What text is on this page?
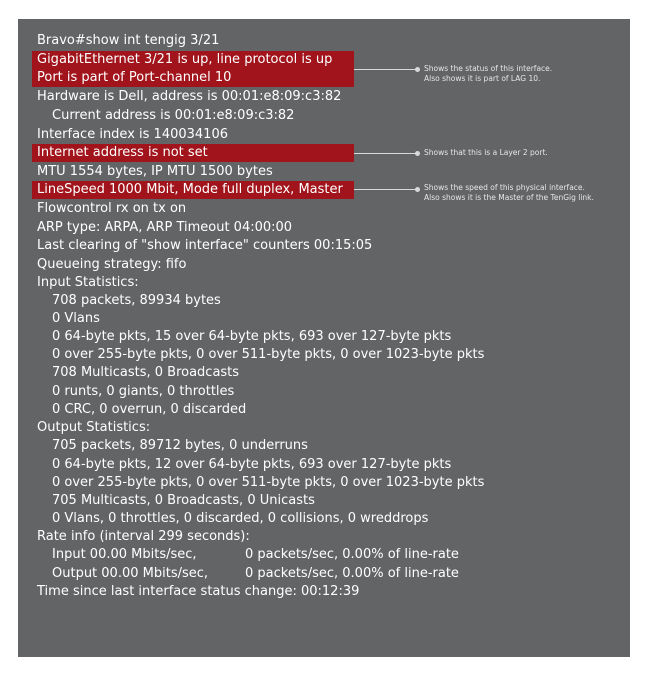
Bravo#show int tengig 3/21
GigabitEthernet 3/21 is up, line protocol is up
Port is part of Port-channel 10
Hardware is Dell, address is 00:01:e8:09:c3:82
Current address is 00:01:e8:09:c3:82
Interface index is 140034106
Internet address is not set
MTU 1554 bytes, IP MTU 1500 bytes
LineSpeed 1000 Mbit, Mode full duplex, Master
Flowcontrol rx on tx on
ARP type: ARPA, ARP Timeout 04:00:00
Last clearing of "show interface" counters 00:15:05
Queueing strategy: fifo
Input Statistics:
708 packets, 89934 bytes
0 Vlans
0 64-byte pkts, 15 over 64-byte pkts, 693 over 127-byte pkts
0 over 255-byte pkts, 0 over 511-byte pkts, 0 over 1023-byte pkts
708 Multicasts, 0 Broadcasts
0 runts, 0 giants, 0 throttles
0 CRC, 0 overrun, 0 discarded
Output Statistics:
705 packets, 89712 bytes, 0 underruns
0 64-byte pkts, 12 over 64-byte pkts, 693 over 127-byte pkts
0 over 255-byte pkts, 0 over 511-byte pkts, 0 over 1023-byte pkts
705 Multicasts, 0 Broadcasts, 0 Unicasts
0 Vlans, 0 throttles, 0 discarded, 0 collisions, 0 wreddrops
Rate info (interval 299 seconds):
Input 00.00 Mbits/sec,	0 packets/sec, 0.00% of line-rate
Output 00.00 Mbits/sec,	0 packets/sec, 0.00% of line-rate
Time since last interface status change: 00:12:39
Shows the status of this interface.
Also shows it is part of LAG 10.
Shows that this is a Layer 2 port.
Shows the speed of this physical interface.
Also shows it is the Master of the TenGig link.
